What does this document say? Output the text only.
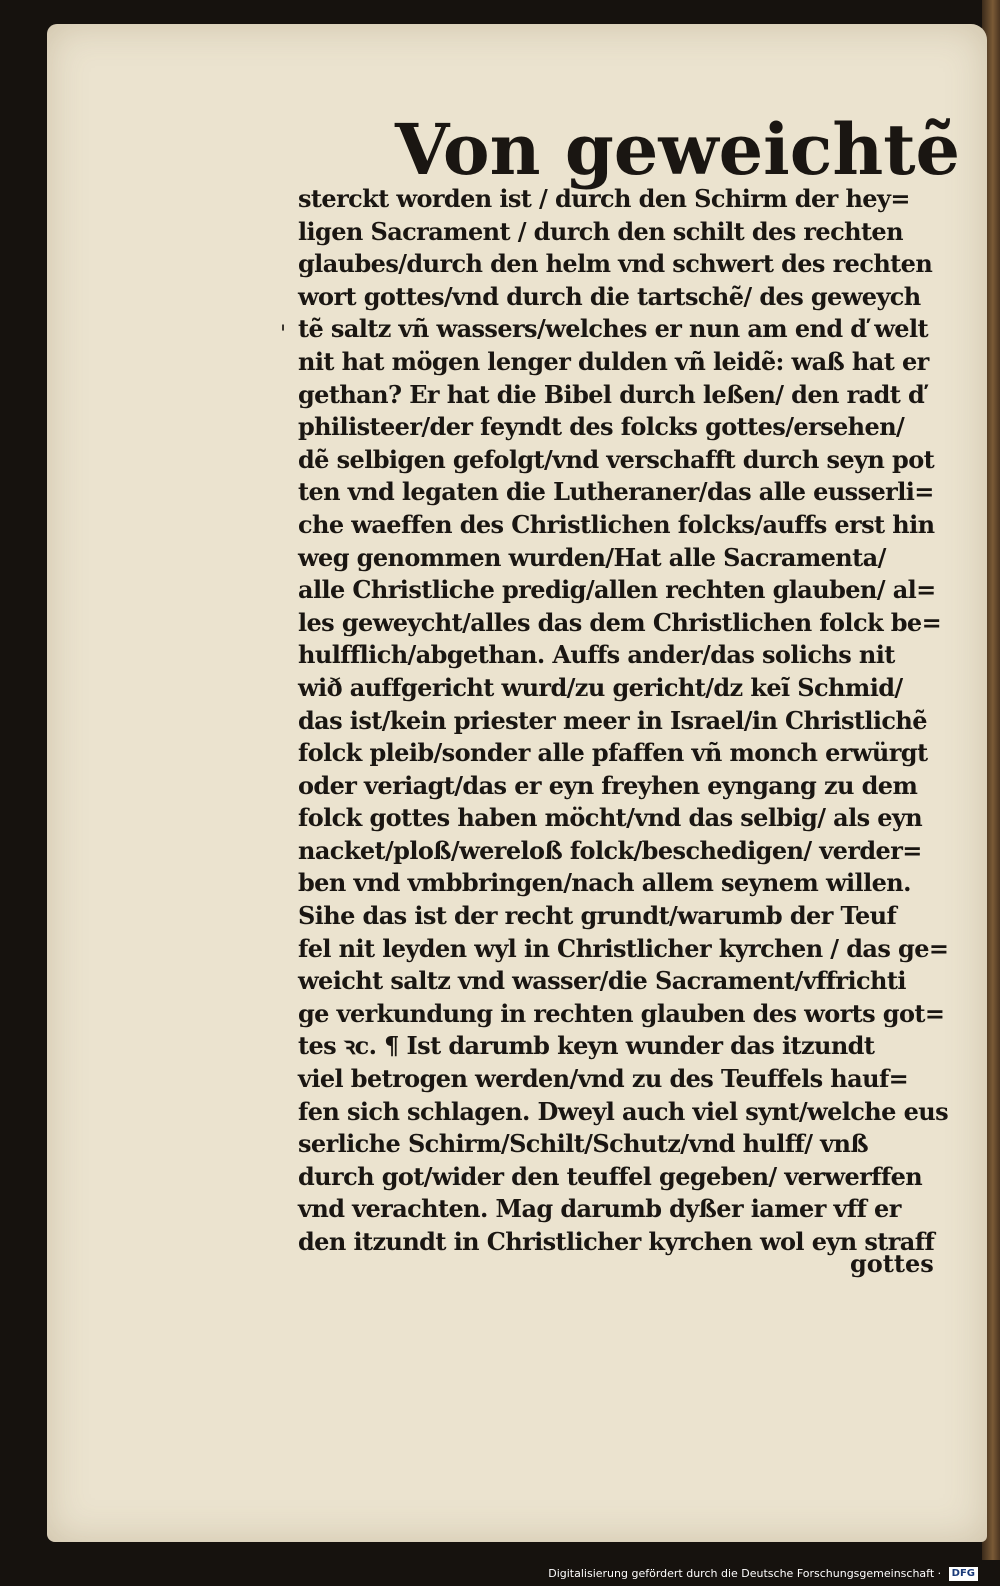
Von geweichtẽ
'
sterckt worden ist / durch den Schirm der hey=
ligen Sacrament / durch den schilt des rechten
glaubes/durch den helm vnd schwert des rechten
wort gottes/vnd durch die tartschẽ/ des geweych
tẽ saltz vñ wassers/welches er nun am end ď welt
nit hat mögen lenger dulden vñ leidẽ: waß hat er
gethan? Er hat die Bibel durch leßen/ den radt ď
philisteer/der feyndt des folcks gottes/ersehen/
dẽ selbigen gefolgt/vnd verschafft durch seyn pot
ten vnd legaten die Lutheraner/das alle eusserli=
che waeffen des Christlichen folcks/auffs erst hin
weg genommen wurden/Hat alle Sacramenta/
alle Christliche predig/allen rechten glauben/ al=
les geweycht/alles das dem Christlichen folck be=
hulfflich/abgethan. Auffs ander/das solichs nit
wið auffgericht wurd/zu gericht/dz keĩ Schmid/
das ist/kein priester meer in Israel/in Christlichẽ
folck pleib/sonder alle pfaffen vñ monch erwürgt
oder veriagt/das er eyn freyhen eyngang zu dem
folck gottes haben möcht/vnd das selbig/ als eyn
nacket/ploß/wereloß folck/beschedigen/ verder=
ben vnd vmbbringen/nach allem seynem willen.
Sihe das ist der recht grundt/warumb der Teuf
fel nit leyden wyl in Christlicher kyrchen / das ge=
weicht saltz vnd wasser/die Sacrament/vffrichti
ge verkundung in rechten glauben des worts got=
tes ꝛc. ¶ Ist darumb keyn wunder das itzundt
viel betrogen werden/vnd zu des Teuffels hauf=
fen sich schlagen. Dweyl auch viel synt/welche eus
serliche Schirm/Schilt/Schutz/vnd hulff/ vnß
durch got/wider den teuffel gegeben/ verwerffen
vnd verachten. Mag darumb dyßer iamer vff er
den itzundt in Christlicher kyrchen wol eyn straff
gottes
Digitalisierung gefördert durch die Deutsche Forschungsgemeinschaft · DFG
